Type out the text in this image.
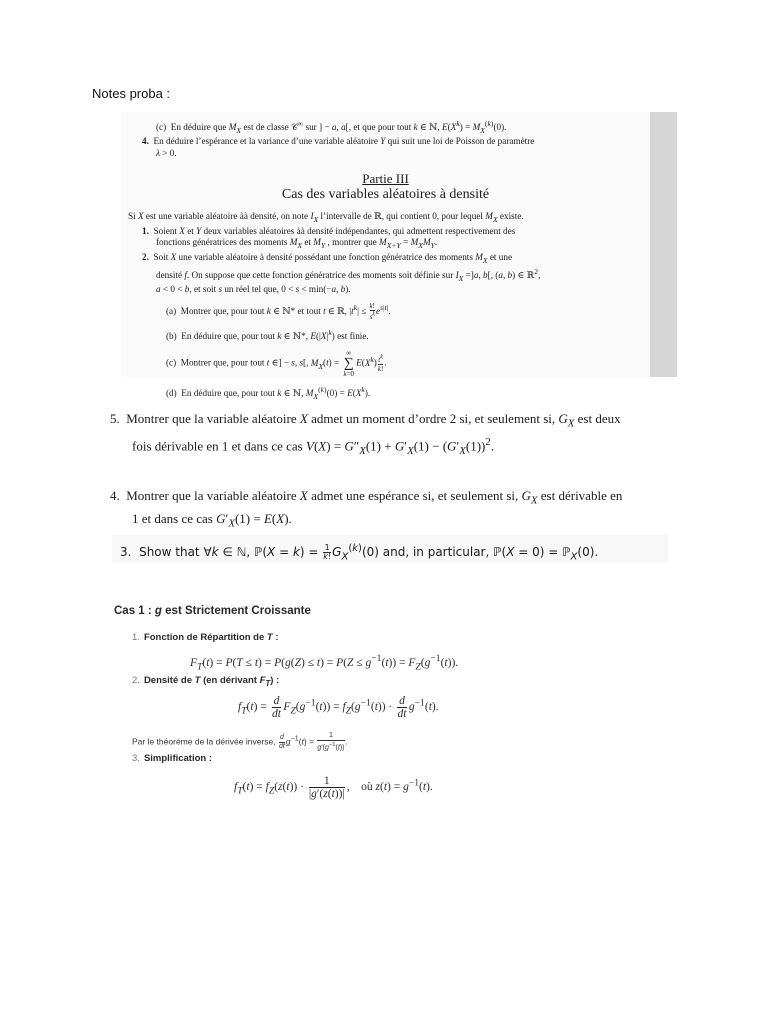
Notes proba :
(c)  En déduire que $M_X$ est de classe 𝒞∞ sur ] − a, a[, et que pour tout k ∈ ℕ, $E(X^k) = M_X^{(k)}(0)$.
4.  En déduire l’espérance et la variance d’une variable aléatoire Y qui suit une loi de Poisson de paramètre
λ > 0.
Partie III
Cas des variables aléatoires à densité
Si X est une variable aléatoire àà densité, on note $I_X$ l’intervalle de ℝ, qui contient 0, pour lequel $M_X$ existe.
1.  Soient X et Y deux variables aléatoires àà densité indépendantes, qui admettent respectivement des
fonctions génératrices des moments $M_X$ et $M_Y$ , montrer que $M_{X+Y} = M_XM_Y$.
2.  Soit X une variable aléatoire à densité possédant une fonction génératrice des moments $M_X$ et une
densité f. On suppose que cette fonction génératrice des moments soit définie sur $I_X =]a$, b[, (a, b) ∈ ℝ$^2$,
a < 0 < b, et soit s un réel tel que, 0 < s < min(−a, b).
(a)  Montrer que, pour tout k ∈ ℕ* et tout t ∈ ℝ, $|t^k| \le \frac{k!}{s^k} e^{s|t|}$.
(b)  En déduire que, pour tout k ∈ ℕ*, $E(|X|^k)$ est finie.
(c)  Montrer que, pour tout t ∈] − s, s[, $M_X(t)$ = ∞
∑
$k=0E(X^k) \frac{t^k}{k!}$ .
(d)  En déduire que, pour tout k ∈ ℕ, $M_X^{(k)}(0) = E(X^k)$.
5.  Montrer que la variable aléatoire X admet un moment d’ordre 2 si, et seulement si, $G_X$ est deux
fois dérivable en 1 et dans ce cas $V(X) = G''_X(1) + G'_X(1) - (G'_X(1))^2$.
4.  Montrer que la variable aléatoire X admet une espérance si, et seulement si, $G_X$ est dérivable en
1 et dans ce cas $G'_X(1) = E(X)$.
3.  Show that ∀k ∈ ℕ, ℙ(X = $k) = \frac{1}{k!} G_X^{(k)}(0)$ and, in particular, ℙ(X = 0) = ℙ$_X$(0).
Cas 1 : g est Strictement Croissante
1. Fonction de Répartition de T :
$F_T(t) = P(T \le t) = P(g(Z) \le t) = P(Z \le g^{-1}(t)) = F_Z(g^{-1}(t))$.
2. Densité de T (en dérivant $F_T$) :
$f_T(t) = \frac{d}{dt} F_Z(g^{-1}(t)) = f_Z(g^{-1}(t)) \cdot \frac{d}{dt} g^{-1}(t)$.
Par le théorème de la dérivée inverse, $\frac{d}{dt} g^{-1}(t) = \frac{1}{g'(g^{-1}(t))}$ .
3. Simplification :
$f_T(t) = f_Z(z(t)) \cdot \frac{1}{|g'(z(t))|}$ ,    où $z(t) = g^{-1}(t)$.
